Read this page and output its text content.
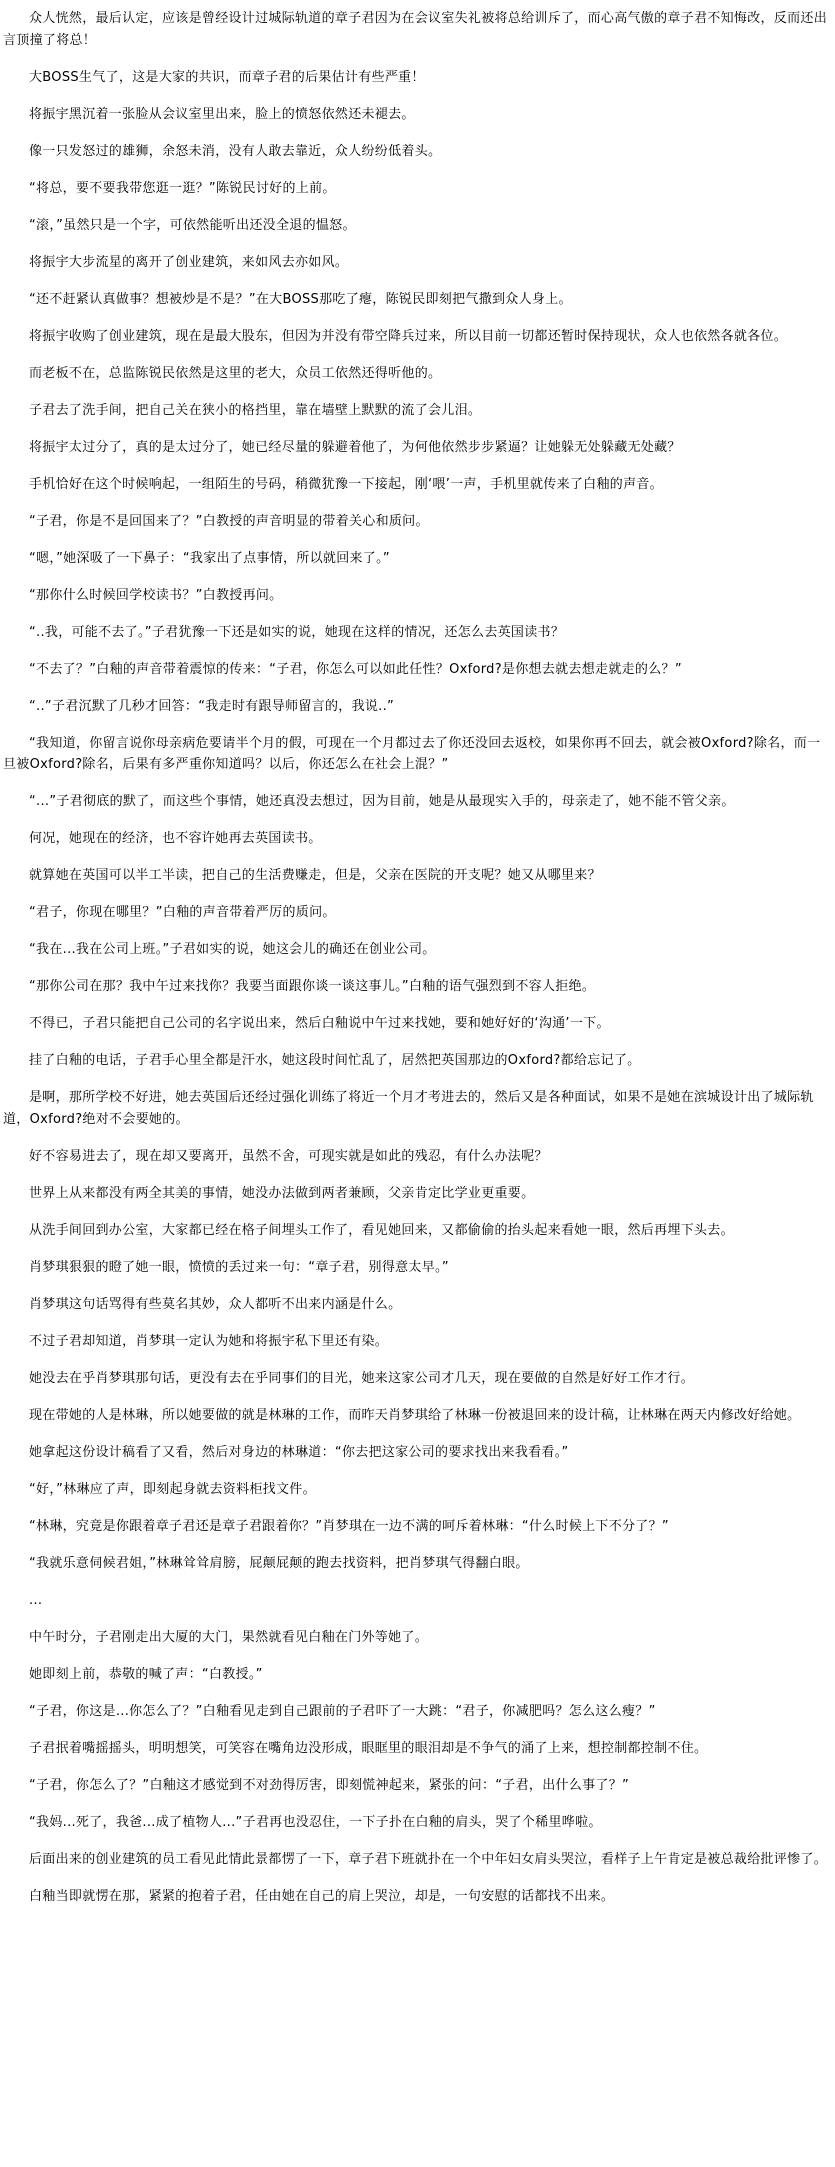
众人恍然，最后认定，应该是曾经设计过城际轨道的章子君因为在会议室失礼被将总给训斥了，而心高气傲的章子君不知悔改，反而还出言顶撞了将总！

大BOSS生气了，这是大家的共识，而章子君的后果估计有些严重！

将振宇黑沉着一张脸从会议室里出来，脸上的愤怒依然还未褪去。

像一只发怒过的雄狮，余怒未消，没有人敢去靠近，众人纷纷低着头。

“将总，要不要我带您逛一逛？”陈锐民讨好的上前。

“滚，”虽然只是一个字，可依然能听出还没全退的愠怒。

将振宇大步流星的离开了创业建筑，来如风去亦如风。

“还不赶紧认真做事？想被炒是不是？”在大BOSS那吃了瘪，陈锐民即刻把气撒到众人身上。

将振宇收购了创业建筑，现在是最大股东，但因为并没有带空降兵过来，所以目前一切都还暂时保持现状，众人也依然各就各位。

而老板不在，总监陈锐民依然是这里的老大，众员工依然还得听他的。

子君去了洗手间，把自己关在狭小的格挡里，靠在墙壁上默默的流了会儿泪。

将振宇太过分了，真的是太过分了，她已经尽量的躲避着他了，为何他依然步步紧逼？让她躲无处躲藏无处藏？

手机恰好在这个时候响起，一组陌生的号码，稍微犹豫一下接起，刚‘喂’一声，手机里就传来了白釉的声音。

“子君，你是不是回国来了？”白教授的声音明显的带着关心和质问。

“嗯，”她深吸了一下鼻子：“我家出了点事情，所以就回来了。”

“那你什么时候回学校读书？”白教授再问。

“..我，可能不去了。”子君犹豫一下还是如实的说，她现在这样的情况，还怎么去英国读书？

“不去了？”白釉的声音带着震惊的传来：“子君，你怎么可以如此任性？Oxford?是你想去就去想走就走的么？”

“..”子君沉默了几秒才回答：“我走时有跟导师留言的，我说..”

“我知道，你留言说你母亲病危要请半个月的假，可现在一个月都过去了你还没回去返校，如果你再不回去，就会被Oxford?除名，而一旦被Oxford?除名，后果有多严重你知道吗？以后，你还怎么在社会上混？”

“...”子君彻底的默了，而这些个事情，她还真没去想过，因为目前，她是从最现实入手的，母亲走了，她不能不管父亲。

何况，她现在的经济，也不容许她再去英国读书。

就算她在英国可以半工半读，把自己的生活费赚走，但是，父亲在医院的开支呢？她又从哪里来？

“君子，你现在哪里？”白釉的声音带着严厉的质问。

“我在...我在公司上班。”子君如实的说，她这会儿的确还在创业公司。

“那你公司在那？我中午过来找你？我要当面跟你谈一谈这事儿。”白釉的语气强烈到不容人拒绝。

不得已，子君只能把自己公司的名字说出来，然后白釉说中午过来找她，要和她好好的‘沟通’一下。

挂了白釉的电话，子君手心里全都是汗水，她这段时间忙乱了，居然把英国那边的Oxford?都给忘记了。

是啊，那所学校不好进，她去英国后还经过强化训练了将近一个月才考进去的，然后又是各种面试，如果不是她在滨城设计出了城际轨道，Oxford?绝对不会要她的。

好不容易进去了，现在却又要离开，虽然不舍，可现实就是如此的残忍，有什么办法呢？

世界上从来都没有两全其美的事情，她没办法做到两者兼顾，父亲肯定比学业更重要。

从洗手间回到办公室，大家都已经在格子间埋头工作了，看见她回来，又都偷偷的抬头起来看她一眼，然后再埋下头去。

肖梦琪狠狠的瞪了她一眼，愤愤的丢过来一句：“章子君，别得意太早。”

肖梦琪这句话骂得有些莫名其妙，众人都听不出来内涵是什么。

不过子君却知道，肖梦琪一定认为她和将振宇私下里还有染。

她没去在乎肖梦琪那句话，更没有去在乎同事们的目光，她来这家公司才几天，现在要做的自然是好好工作才行。

现在带她的人是林琳，所以她要做的就是林琳的工作，而昨天肖梦琪给了林琳一份被退回来的设计稿，让林琳在两天内修改好给她。

她拿起这份设计稿看了又看，然后对身边的林琳道：“你去把这家公司的要求找出来我看看。”

“好，”林琳应了声，即刻起身就去资料柜找文件。

“林琳，究竟是你跟着章子君还是章子君跟着你？”肖梦琪在一边不满的呵斥着林琳：“什么时候上下不分了？”

“我就乐意伺候君姐，”林琳耸耸肩膀，屁颠屁颠的跑去找资料，把肖梦琪气得翻白眼。

...

中午时分，子君刚走出大厦的大门，果然就看见白釉在门外等她了。

她即刻上前，恭敬的喊了声：“白教授。”

“子君，你这是...你怎么了？”白釉看见走到自己跟前的子君吓了一大跳：“君子，你减肥吗？怎么这么瘦？”

子君抿着嘴摇摇头，明明想笑，可笑容在嘴角边没形成，眼眶里的眼泪却是不争气的涌了上来，想控制都控制不住。

“子君，你怎么了？”白釉这才感觉到不对劲得厉害，即刻慌神起来，紧张的问：“子君，出什么事了？”

“我妈...死了，我爸...成了植物人...”子君再也没忍住，一下子扑在白釉的肩头，哭了个稀里哗啦。

后面出来的创业建筑的员工看见此情此景都愣了一下，章子君下班就扑在一个中年妇女肩头哭泣，看样子上午肯定是被总裁给批评惨了。

白釉当即就愣在那，紧紧的抱着子君，任由她在自己的肩上哭泣，却是，一句安慰的话都找不出来。
